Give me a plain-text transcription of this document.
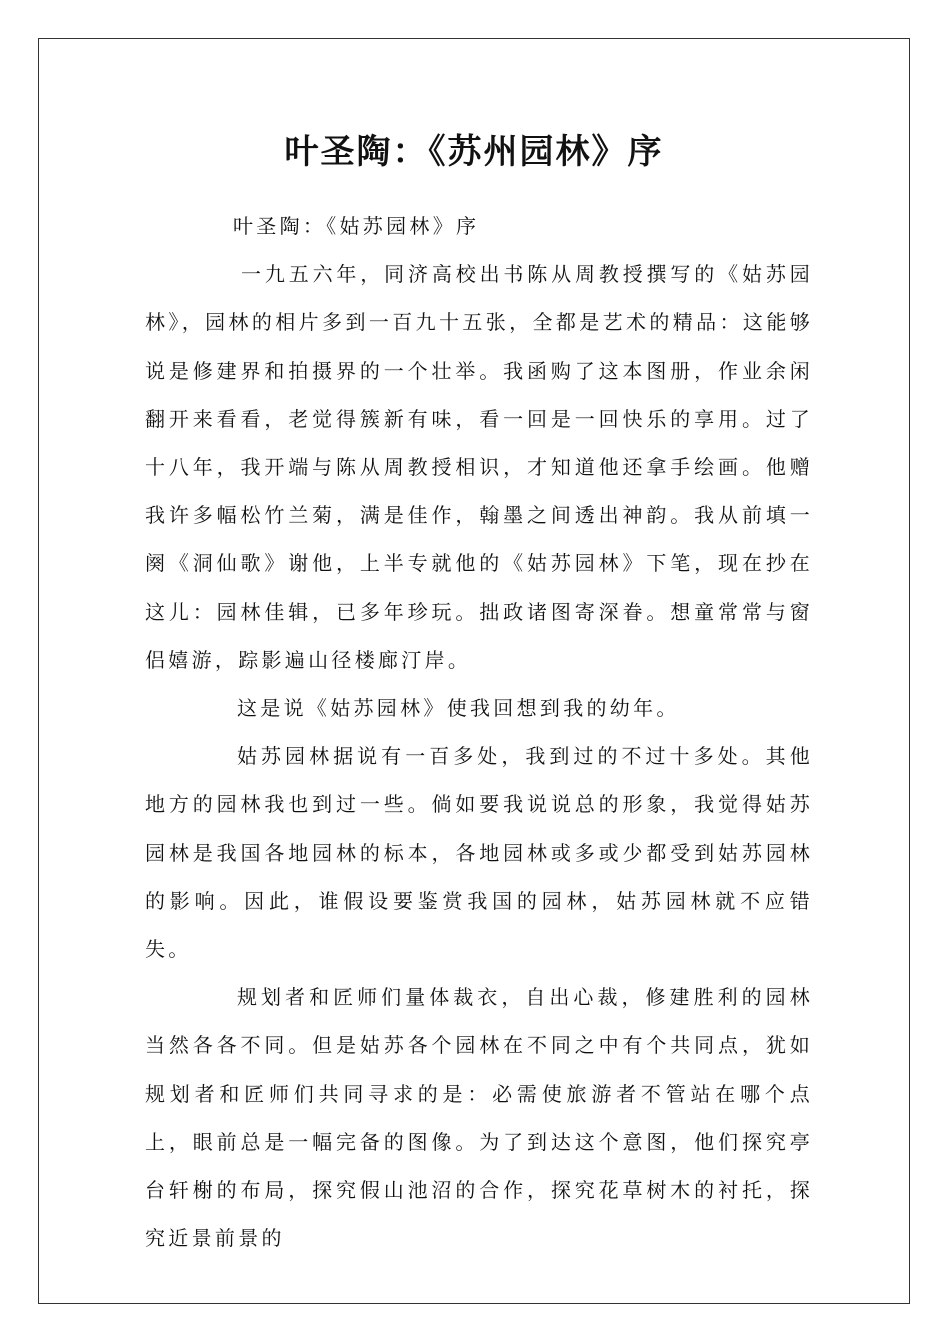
叶圣陶：《苏州园林》序

叶圣陶：《姑苏园林》序

一九五六年，同济高校出书陈从周教授撰写的《姑苏园林》，园林的相片多到一百九十五张，全都是艺术的精品：这能够说是修建界和拍摄界的一个壮举。我函购了这本图册，作业余闲翻开来看看，老觉得簇新有味，看一回是一回快乐的享用。过了十八年，我开端与陈从周教授相识，才知道他还拿手绘画。他赠我许多幅松竹兰菊，满是佳作，翰墨之间透出神韵。我从前填一阕《洞仙歌》谢他，上半专就他的《姑苏园林》下笔，现在抄在这儿：园林佳辑，已多年珍玩。拙政诸图寄深眷。想童常常与窗侣嬉游，踪影遍山径楼廊汀岸。

这是说《姑苏园林》使我回想到我的幼年。

姑苏园林据说有一百多处，我到过的不过十多处。其他地方的园林我也到过一些。倘如要我说说总的形象，我觉得姑苏园林是我国各地园林的标本，各地园林或多或少都受到姑苏园林的影响。因此，谁假设要鉴赏我国的园林，姑苏园林就不应错失。

规划者和匠师们量体裁衣，自出心裁，修建胜利的园林当然各各不同。但是姑苏各个园林在不同之中有个共同点，犹如规划者和匠师们共同寻求的是：必需使旅游者不管站在哪个点上，眼前总是一幅完备的图像。为了到达这个意图，他们探究亭台轩榭的布局，探究假山池沼的合作，探究花草树木的衬托，探究近景前景的
